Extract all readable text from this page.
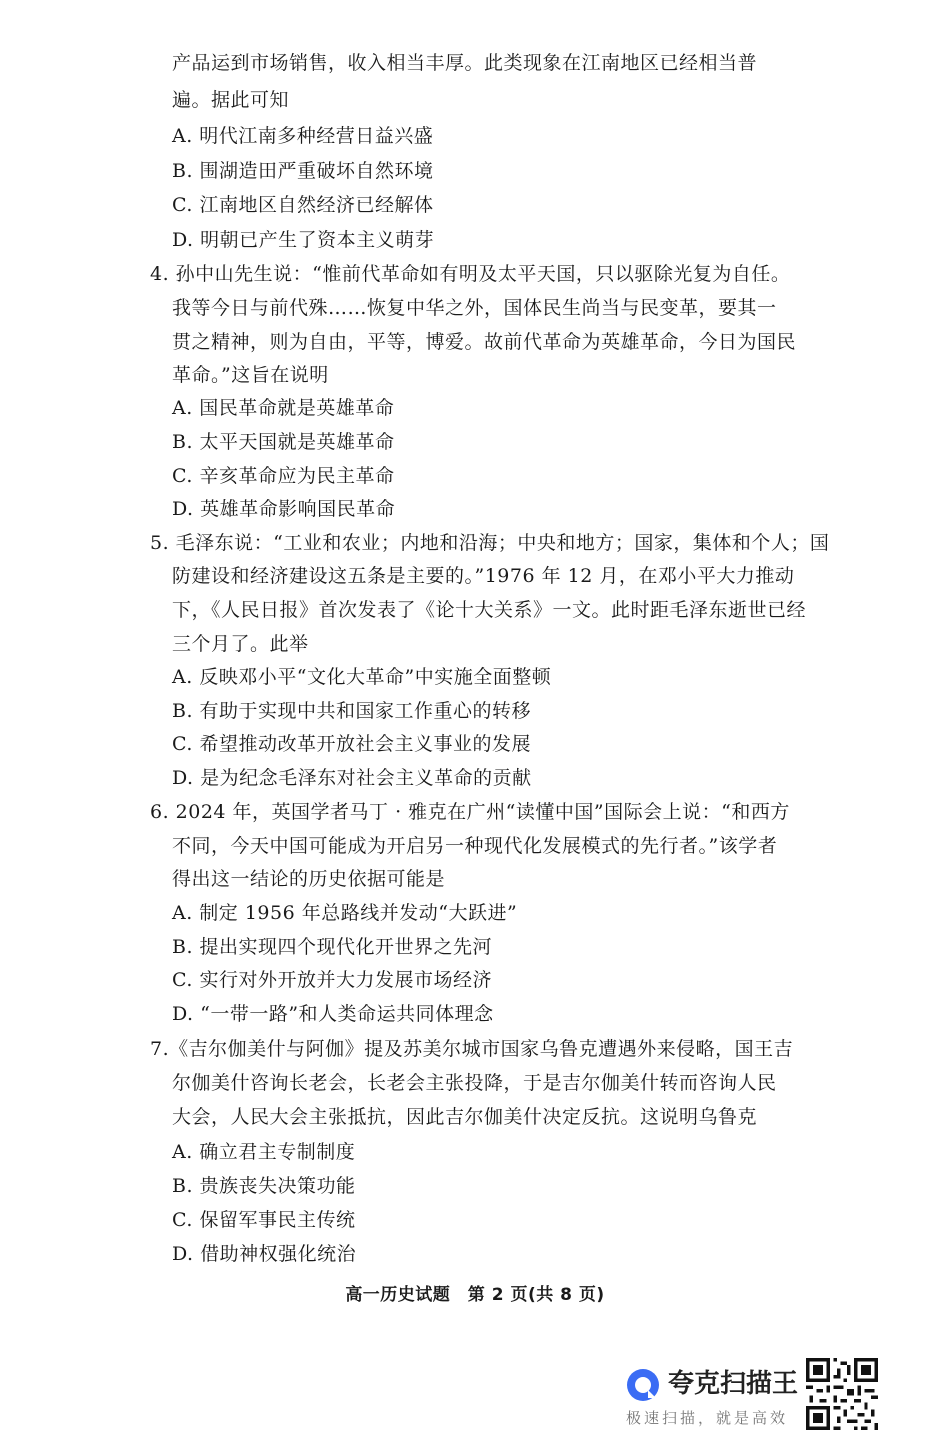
产品运到市场销售，收入相当丰厚。此类现象在江南地区已经相当普
遍。据此可知
A. 明代江南多种经营日益兴盛
B. 围湖造田严重破坏自然环境
C. 江南地区自然经济已经解体
D. 明朝已产生了资本主义萌芽
4. 孙中山先生说：“惟前代革命如有明及太平天国，只以驱除光复为自任。
我等今日与前代殊……恢复中华之外，国体民生尚当与民变革，要其一
贯之精神，则为自由，平等，博爱。故前代革命为英雄革命，今日为国民
革命。”这旨在说明
A. 国民革命就是英雄革命
B. 太平天国就是英雄革命
C. 辛亥革命应为民主革命
D. 英雄革命影响国民革命
5. 毛泽东说：“工业和农业；内地和沿海；中央和地方；国家，集体和个人；国
防建设和经济建设这五条是主要的。”1976 年 12 月，在邓小平大力推动
下，《人民日报》首次发表了《论十大关系》一文。此时距毛泽东逝世已经
三个月了。此举
A. 反映邓小平“文化大革命”中实施全面整顿
B. 有助于实现中共和国家工作重心的转移
C. 希望推动改革开放社会主义事业的发展
D. 是为纪念毛泽东对社会主义革命的贡献
6. 2024 年，英国学者马丁 · 雅克在广州“读懂中国”国际会上说：“和西方
不同，今天中国可能成为开启另一种现代化发展模式的先行者。”该学者
得出这一结论的历史依据可能是
A. 制定 1956 年总路线并发动“大跃进”
B. 提出实现四个现代化开世界之先河
C. 实行对外开放并大力发展市场经济
D. “一带一路”和人类命运共同体理念
7.《吉尔伽美什与阿伽》提及苏美尔城市国家乌鲁克遭遇外来侵略，国王吉
尔伽美什咨询长老会，长老会主张投降，于是吉尔伽美什转而咨询人民
大会，人民大会主张抵抗，因此吉尔伽美什决定反抗。这说明乌鲁克
A. 确立君主专制制度
B. 贵族丧失决策功能
C. 保留军事民主传统
D. 借助神权强化统治
高一历史试题　第 2 页(共 8 页)
夸克扫描王
极速扫描，就是高效
